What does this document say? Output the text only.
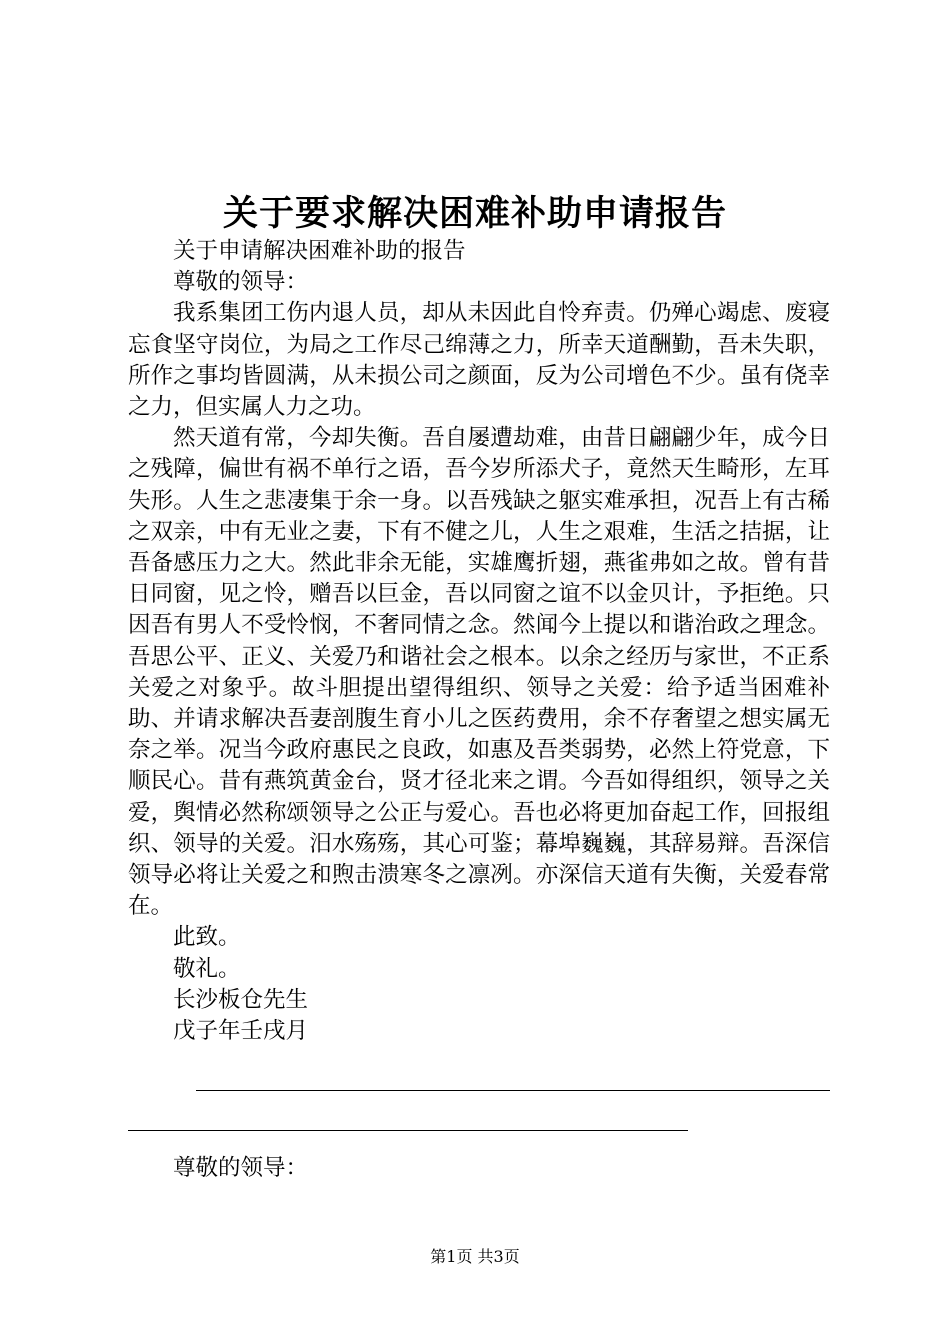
关于要求解决困难补助申请报告
关于申请解决困难补助的报告
尊敬的领导：

我系集团工伤内退人员，却从未因此自怜弃责。仍殚心竭虑、废寝忘食坚守岗位，为局之工作尽己绵薄之力，所幸天道酬勤，吾未失职，所作之事均皆圆满，从未损公司之颜面，反为公司增色不少。虽有侥幸之力，但实属人力之功。

然天道有常，今却失衡。吾自屡遭劫难，由昔日翩翩少年，成今日之残障，偏世有祸不单行之语，吾今岁所添犬子，竟然天生畸形，左耳失形。人生之悲凄集于余一身。以吾残缺之躯实难承担，况吾上有古稀之双亲，中有无业之妻，下有不健之儿，人生之艰难，生活之拮据，让吾备感压力之大。然此非余无能，实雄鹰折翅，燕雀弗如之故。曾有昔日同窗，见之怜，赠吾以巨金，吾以同窗之谊不以金贝计，予拒绝。只因吾有男人不受怜悯，不奢同情之念。然闻今上提以和谐治政之理念。吾思公平、正义、关爱乃和谐社会之根本。以余之经历与家世，不正系关爱之对象乎。故斗胆提出望得组织、领导之关爱：给予适当困难补助、并请求解决吾妻剖腹生育小儿之医药费用，余不存奢望之想实属无奈之举。况当今政府惠民之良政，如惠及吾类弱势，必然上符党意，下顺民心。昔有燕筑黄金台，贤才径北来之谓。今吾如得组织，领导之关爱，舆情必然称颂领导之公正与爱心。吾也必将更加奋起工作，回报组织、领导的关爱。汨水殇殇，其心可鉴；幕埠巍巍，其辞易辩。吾深信领导必将让关爱之和煦击溃寒冬之凛冽。亦深信天道有失衡，关爱春常在。

此致。
敬礼。
长沙板仓先生
戊子年壬戌月
尊敬的领导：
第1页 共3页
